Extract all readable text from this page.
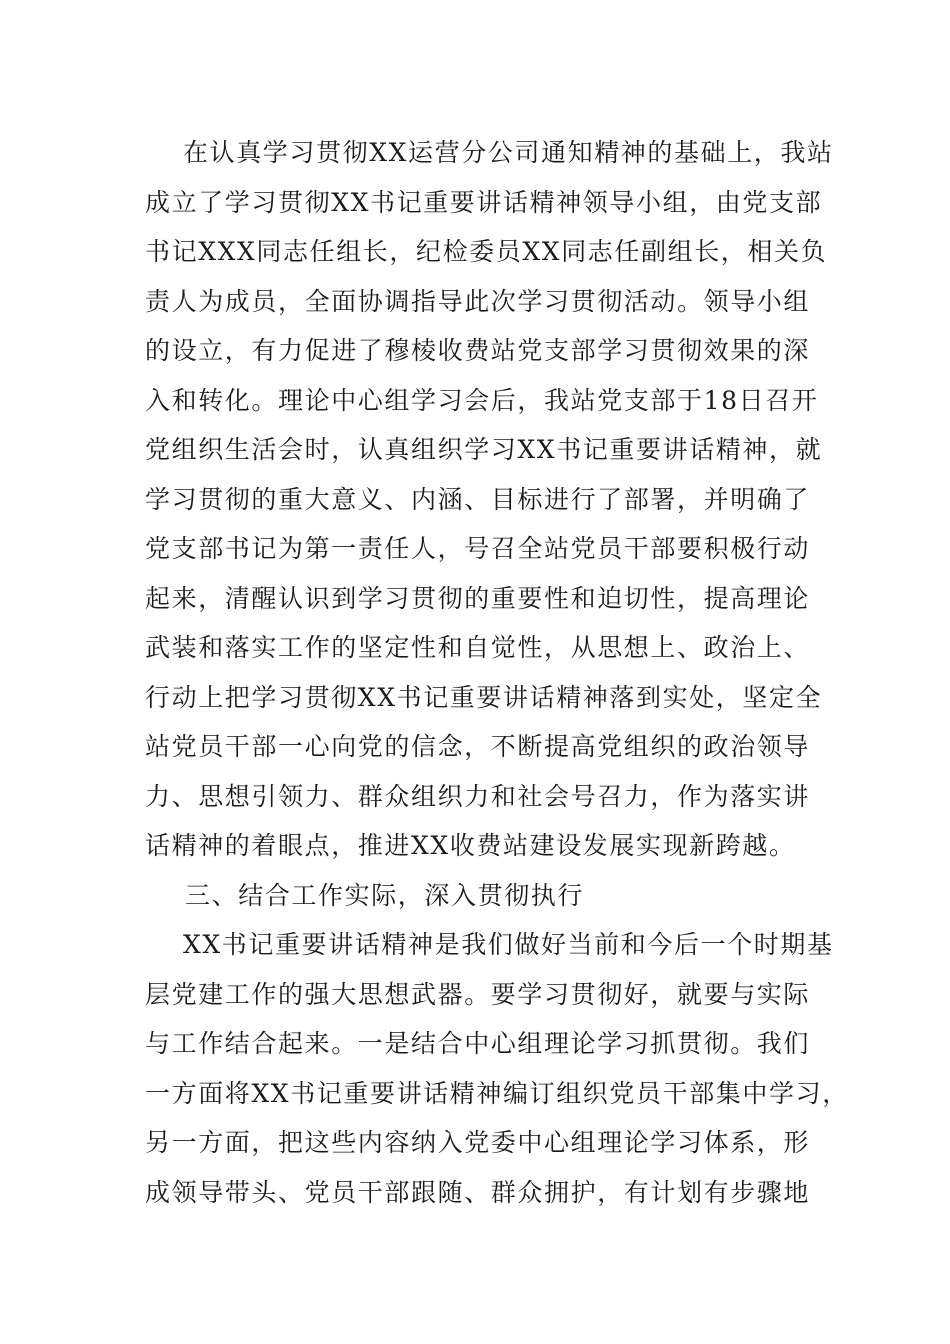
在认真学习贯彻XX运营分公司通知精神的基础上，我站
成立了学习贯彻XX书记重要讲话精神领导小组，由党支部
书记XXX同志任组长，纪检委员XX同志任副组长，相关负
责人为成员，全面协调指导此次学习贯彻活动。领导小组
的设立，有力促进了穆棱收费站党支部学习贯彻效果的深
入和转化。理论中心组学习会后，我站党支部于18日召开
党组织生活会时，认真组织学习XX书记重要讲话精神，就
学习贯彻的重大意义、内涵、目标进行了部署，并明确了
党支部书记为第一责任人，号召全站党员干部要积极行动
起来，清醒认识到学习贯彻的重要性和迫切性，提高理论
武装和落实工作的坚定性和自觉性，从思想上、政治上、
行动上把学习贯彻XX书记重要讲话精神落到实处，坚定全
站党员干部一心向党的信念，不断提高党组织的政治领导
力、思想引领力、群众组织力和社会号召力，作为落实讲
话精神的着眼点，推进XX收费站建设发展实现新跨越。
三、结合工作实际，深入贯彻执行
XX书记重要讲话精神是我们做好当前和今后一个时期基
层党建工作的强大思想武器。要学习贯彻好，就要与实际
与工作结合起来。一是结合中心组理论学习抓贯彻。我们
一方面将XX书记重要讲话精神编订组织党员干部集中学习，
另一方面，把这些内容纳入党委中心组理论学习体系，形
成领导带头、党员干部跟随、群众拥护，有计划有步骤地
